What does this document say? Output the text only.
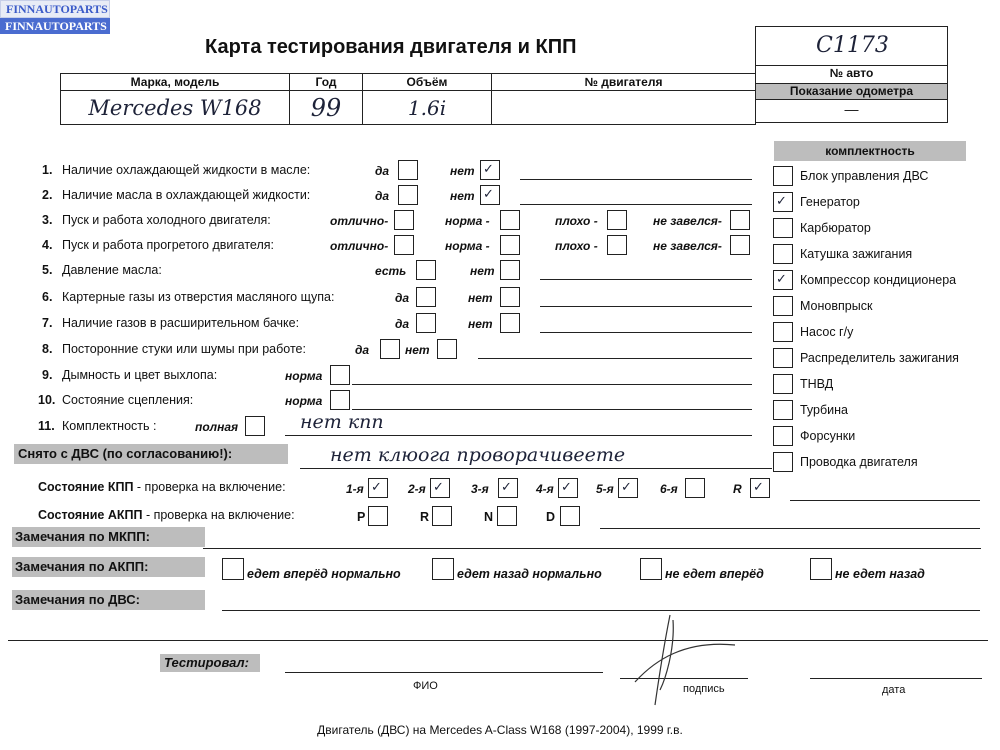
FINNAUTOPARTS
FINNAUTOPARTS
Карта тестирования двигателя и КПП	C1173
№ авто
Показание одометра
—
Марка, модель	Год	Объём	№ двигателя
Mercedes W168	99	1.6i	
1. Наличие охлаждающей жидкости в масле:	да	нет ✓
2. Наличие масла в охлаждающей жидкости:	да	нет ✓
3. Пуск и работа холодного двигателя:	отлично-	норма -	плохо -	не завелся-
4. Пуск и работа прогретого двигателя:	отлично-	норма -	плохо -	не завелся-
5. Давление масла:	есть	нет
6. Картерные газы из отверстия масляного щупа:	да	нет
7. Наличие газов в расширительном бачке:	да	нет
8. Посторонние стуки или шумы при работе:	да	нет
9. Дымность и цвет выхлопа:	норма
10. Состояние сцепления:	норма
11. Комплектность :	полная	нет кпп
комплектность
Блок управления ДВС
✓ Генератор
Карбюратор
Катушка зажигания
✓ Компрессор кондиционера
Моновпрыск
Насос г/у
Распределитель зажигания
ТНВД
Турбина
Форсунки
Проводка двигателя
Снято с ДВС (по согласованию!):	нет клюога проворачивеете
Состояние КПП - проверка на включение:	1-я ✓ 2-я ✓ 3-я ✓ 4-я ✓ 5-я ✓ 6-я	R ✓
Состояние АКПП - проверка на включение:	P	R	N	D
Замечания по МКПП:
Замечания по АКПП:	едет вперёд нормально	едет назад нормально	не едет вперёд	не едет назад
Замечания по ДВС:
Тестировал:
ФИО	подпись	дата
Двигатель (ДВС) на Mercedes A-Class W168 (1997-2004), 1999 г.в.
